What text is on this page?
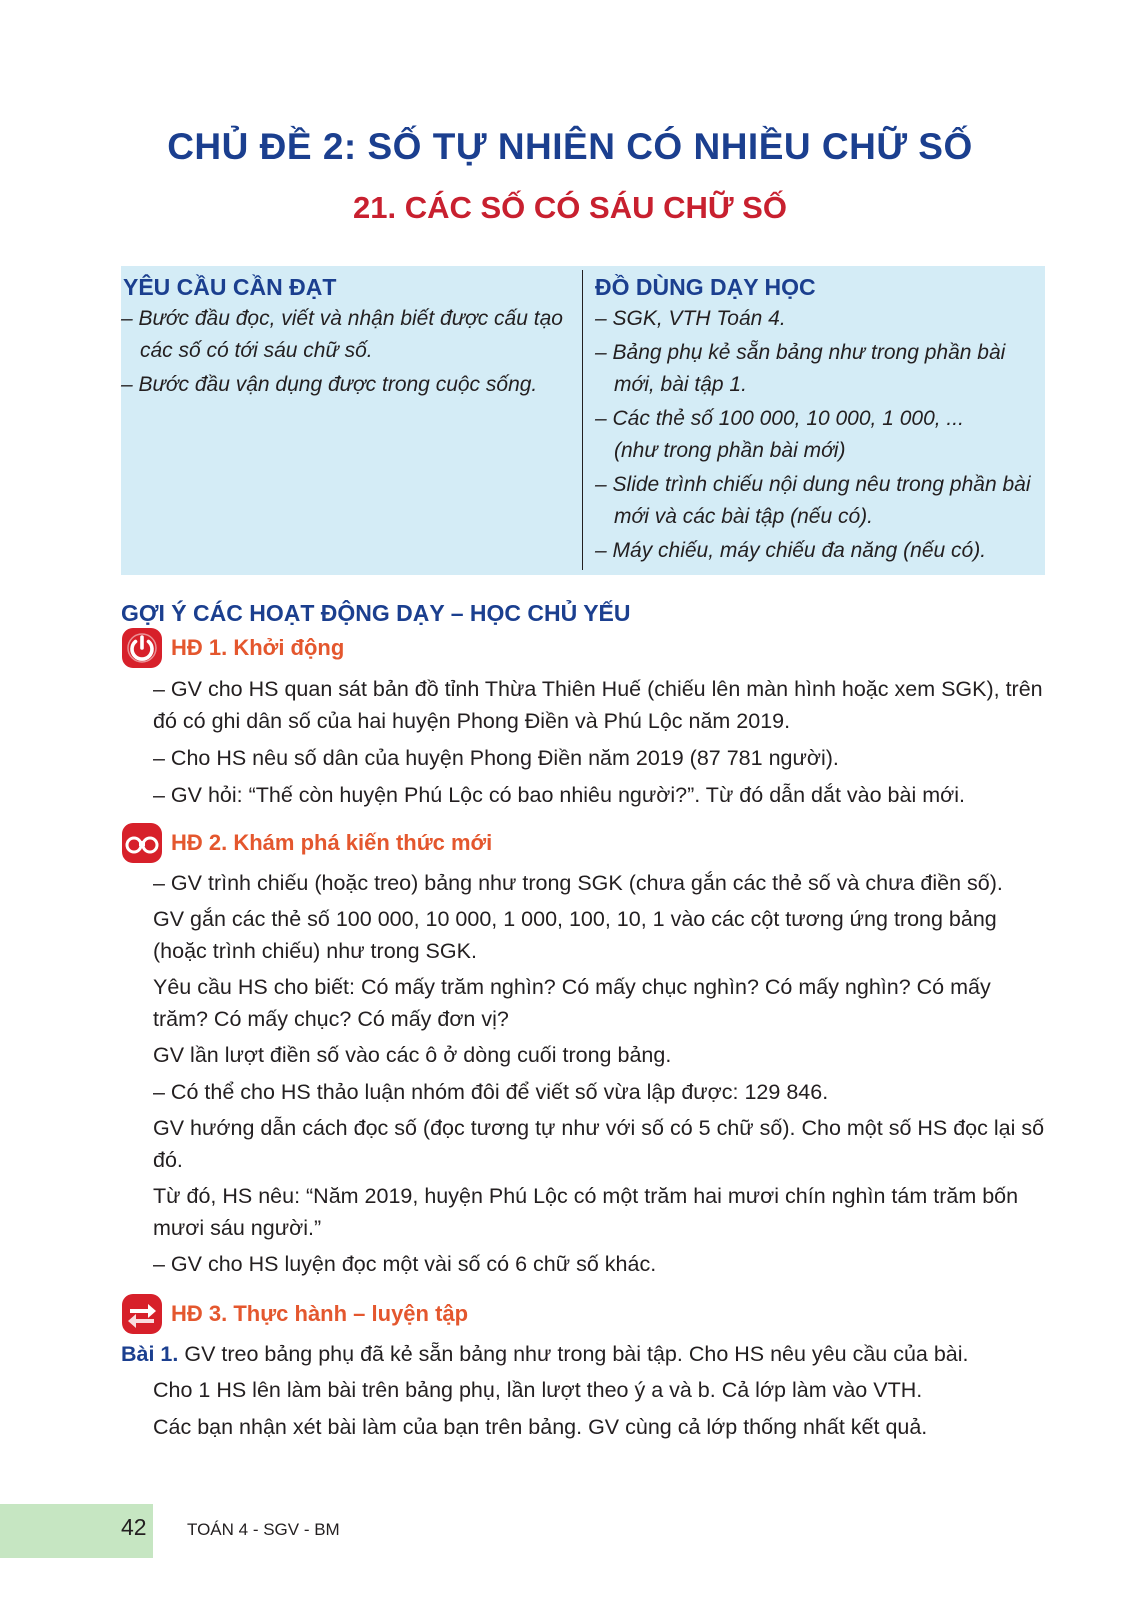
CHỦ ĐỀ 2: SỐ TỰ NHIÊN CÓ NHIỀU CHỮ SỐ
21. CÁC SỐ CÓ SÁU CHỮ SỐ
YÊU CẦU CẦN ĐẠT
– Bước đầu đọc, viết và nhận biết được cấu tạo các số có tới sáu chữ số.
– Bước đầu vận dụng được trong cuộc sống.
ĐỒ DÙNG DẠY HỌC
– SGK, VTH Toán 4.
– Bảng phụ kẻ sẵn bảng như trong phần bài mới, bài tập 1.
– Các thẻ số 100 000, 10 000, 1 000, ... (như trong phần bài mới)
– Slide trình chiếu nội dung nêu trong phần bài mới và các bài tập (nếu có).
– Máy chiếu, máy chiếu đa năng (nếu có).
GỢI Ý CÁC HOẠT ĐỘNG DẠY – HỌC CHỦ YẾU
HĐ 1. Khởi động

– GV cho HS quan sát bản đồ tỉnh Thừa Thiên Huế (chiếu lên màn hình hoặc xem SGK), trên đó có ghi dân số của hai huyện Phong Điền và Phú Lộc năm 2019.

– Cho HS nêu số dân của huyện Phong Điền năm 2019 (87 781 người).

– GV hỏi: “Thế còn huyện Phú Lộc có bao nhiêu người?”. Từ đó dẫn dắt vào bài mới.

HĐ 2. Khám phá kiến thức mới

– GV trình chiếu (hoặc treo) bảng như trong SGK (chưa gắn các thẻ số và chưa điền số).

GV gắn các thẻ số 100 000, 10 000, 1 000, 100, 10, 1 vào các cột tương ứng trong bảng (hoặc trình chiếu) như trong SGK.

Yêu cầu HS cho biết: Có mấy trăm nghìn? Có mấy chục nghìn? Có mấy nghìn? Có mấy trăm? Có mấy chục? Có mấy đơn vị?

GV lần lượt điền số vào các ô ở dòng cuối trong bảng.

– Có thể cho HS thảo luận nhóm đôi để viết số vừa lập được: 129 846.

GV hướng dẫn cách đọc số (đọc tương tự như với số có 5 chữ số). Cho một số HS đọc lại số đó.

Từ đó, HS nêu: “Năm 2019, huyện Phú Lộc có một trăm hai mươi chín nghìn tám trăm bốn mươi sáu người.”

– GV cho HS luyện đọc một vài số có 6 chữ số khác.

HĐ 3. Thực hành – luyện tập
Bài 1. GV treo bảng phụ đã kẻ sẵn bảng như trong bài tập. Cho HS nêu yêu cầu của bài.

Cho 1 HS lên làm bài trên bảng phụ, lần lượt theo ý a và b. Cả lớp làm vào VTH.

Các bạn nhận xét bài làm của bạn trên bảng. GV cùng cả lớp thống nhất kết quả.

42 TOÁN 4 - SGV - BM
